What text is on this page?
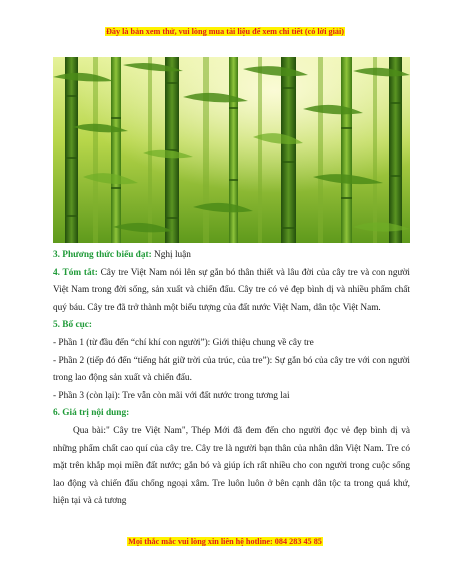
Đây là bản xem thử, vui lòng mua tài liệu để xem chi tiết (có lời giải)

3. Phương thức biểu đạt: Nghị luận

4. Tóm tắt: Cây tre Việt Nam nói lên sự gắn bó thân thiết và lâu đời của cây tre và con người Việt Nam trong đời sống, sản xuất và chiến đấu. Cây tre có vẻ đẹp bình dị và nhiều phẩm chất quý báu. Cây tre đã trở thành một biểu tượng của đất nước Việt Nam, dân tộc Việt Nam.

5. Bố cục:

- Phần 1 (từ đầu đến “chí khí con người”): Giới thiệu chung về cây tre

- Phần 2 (tiếp đó đến “tiếng hát giữ trời của trúc, của tre”): Sự gắn bó của cây tre với con người trong lao động sản xuất và chiến đấu.

- Phần 3 (còn lại): Tre vẫn còn mãi với đất nước trong tương lai

6. Giá trị nội dung:

Qua bài:" Cây tre Việt Nam", Thép Mới đã đem đến cho người đọc vẻ đẹp bình dị và những phẩm chất cao quí của cây tre. Cây tre là người bạn thân của nhân dân Việt Nam. Tre có mặt trên khắp mọi miền đất nước; gắn bó và giúp ích rất nhiều cho con người trong cuộc sống lao động và chiến đấu chống ngoại xâm. Tre luôn luôn ở bên cạnh dân tộc ta trong quá khứ, hiện tại và cả tương

Mọi thắc mắc vui lòng xin liên hệ hotline: 084 283 45 85
